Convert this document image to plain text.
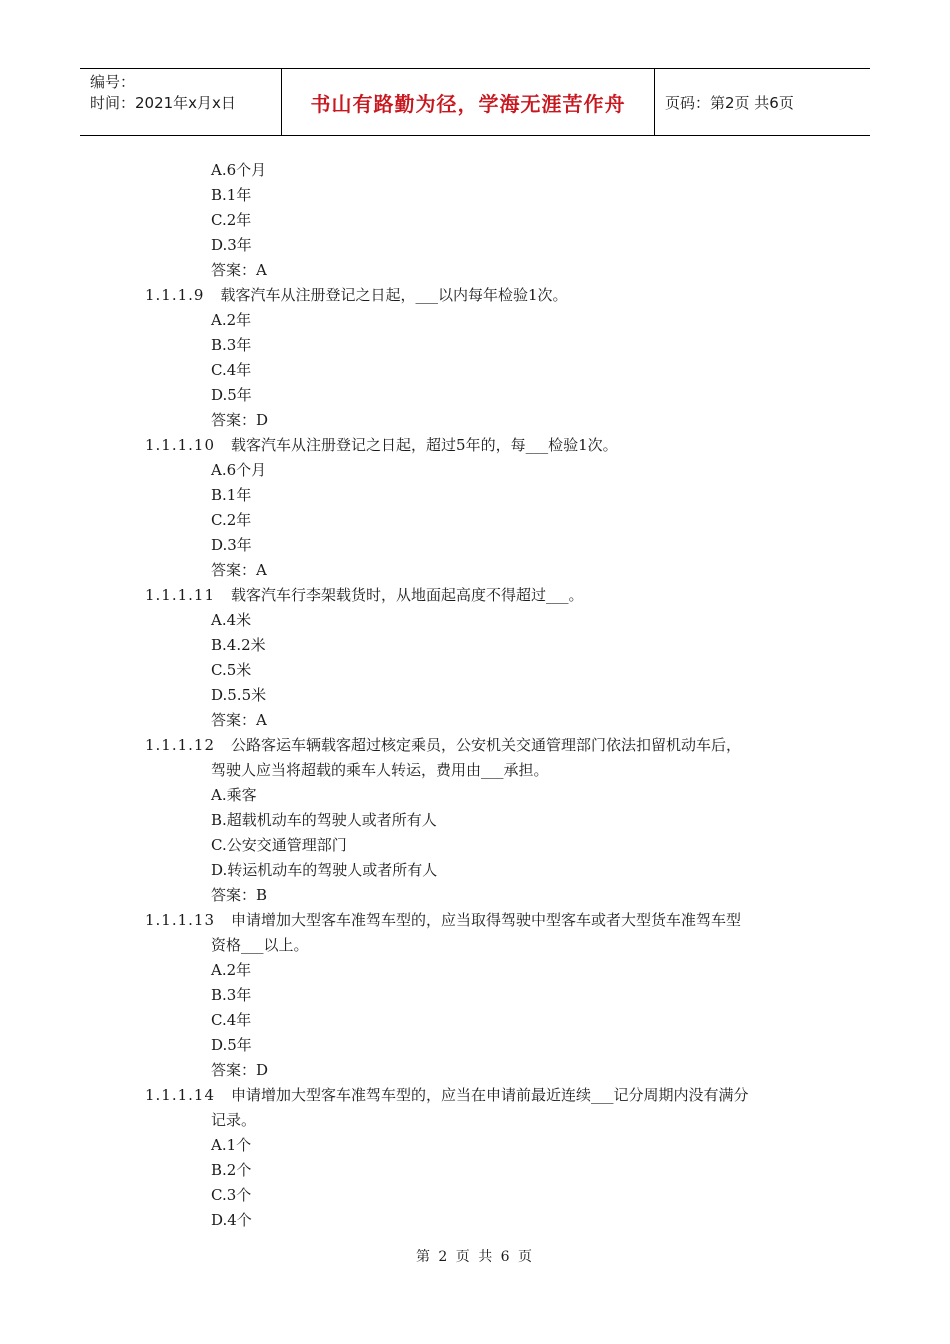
编号：
时间：2021年x月x日	书山有路勤为径，学海无涯苦作舟	页码：第2页 共6页
A.6个月
B.1年
C.2年
D.3年
答案：A
1.1.1.9 载客汽车从注册登记之日起，___以内每年检验1次。
A.2年
B.3年
C.4年
D.5年
答案：D
1.1.1.10 载客汽车从注册登记之日起，超过5年的，每___检验1次。
A.6个月
B.1年
C.2年
D.3年
答案：A
1.1.1.11 载客汽车行李架载货时，从地面起高度不得超过___。
A.4米
B.4.2米
C.5米
D.5.5米
答案：A
1.1.1.12 公路客运车辆载客超过核定乘员，公安机关交通管理部门依法扣留机动车后，
驾驶人应当将超载的乘车人转运，费用由___承担。
A.乘客
B.超载机动车的驾驶人或者所有人
C.公安交通管理部门
D.转运机动车的驾驶人或者所有人
答案：B
1.1.1.13 申请增加大型客车准驾车型的，应当取得驾驶中型客车或者大型货车准驾车型
资格___以上。
A.2年
B.3年
C.4年
D.5年
答案：D
1.1.1.14 申请增加大型客车准驾车型的，应当在申请前最近连续___记分周期内没有满分
记录。
A.1个
B.2个
C.3个
D.4个
第 2 页 共 6 页
